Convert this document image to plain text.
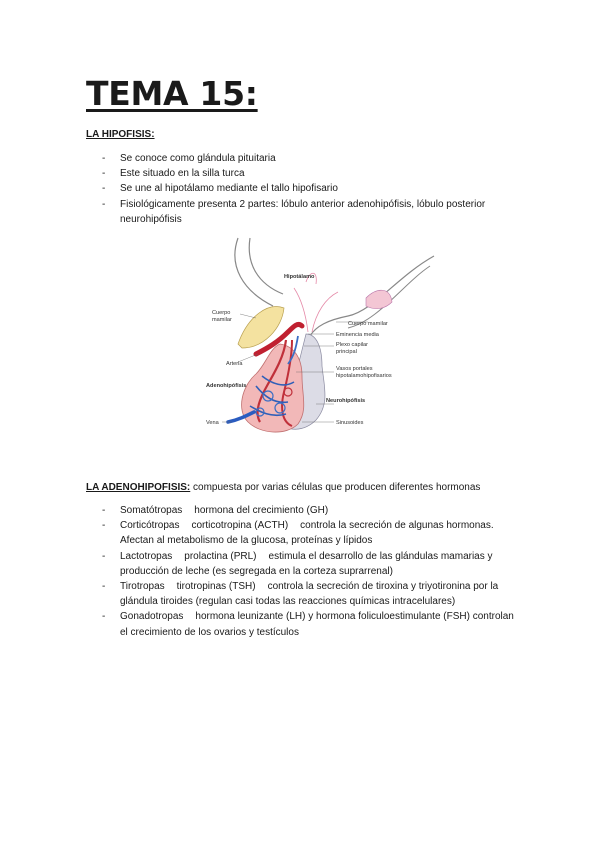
TEMA 15:

LA HIPOFISIS:

- Se conoce como glándula pituitaria
- Este situado en la silla turca
- Se une al hipotálamo mediante el tallo hipofisario
- Fisiológicamente presenta 2 partes: lóbulo anterior adenohipófisis, lóbulo posterior neurohipófisis
Hipotálamo
Cuerpo
mamilar
Cuerpo mamilar
Eminencia media
Plexo capilar
principal
Arteria
Vasos portales
hipotalamohipofisarios
Adenohipófisis
Neurohipófisis
Vena	Sinusoides
LA ADENOHIPOFISIS: compuesta por varias células que producen diferentes hormonas
- Somatótropas hormona del crecimiento (GH)
- Corticótropas corticotropina (ACTH) controla la secreción de algunas hormonas. Afectan al metabolismo de la glucosa, proteínas y lípidos
- Lactotropas prolactina (PRL) estimula el desarrollo de las glándulas mamarias y producción de leche (es segregada en la corteza suprarrenal)
- Tirotropas tirotropinas (TSH) controla la secreción de tiroxina y triyotironina por la glándula tiroides (regulan casi todas las reacciones químicas intracelulares)
- Gonadotropas hormona leunizante (LH) y hormona foliculoestimulante (FSH) controlan el crecimiento de los ovarios y testículos
